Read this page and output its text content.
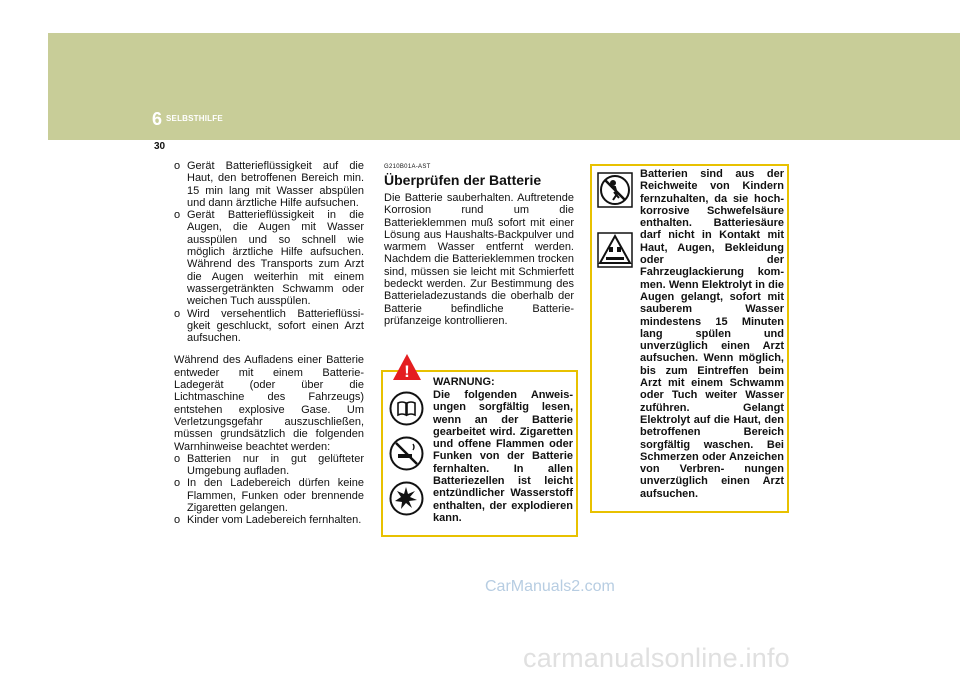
6 SELBSTHILFE
30
o Gerät Batterieflüssigkeit auf die Haut, den betroffenen Bereich min. 15 min lang mit Wasser abspülen und dann ärztliche Hilfe aufsuchen.
o Gerät Batterieflüssigkeit in die Augen, die Augen mit Wasser ausspülen und so schnell wie möglich ärztliche Hilfe aufsuchen. Während des Transports zum Arzt die Augen weiterhin mit einem wassergetränkten Schwamm oder weichen Tuch ausspülen.
o Wird versehentlich Batterieflüssi- gkeit geschluckt, sofort einen Arzt aufsuchen.

Während des Aufladens einer Batterie entweder mit einem Batterie-Ladegerät (oder über die Lichtmaschine des Fahrzeugs) entstehen explosive Gase. Um Verletzungsgefahr auszuschließen, müssen grundsätzlich die folgenden Warnhinweise beachtet werden:

o Batterien nur in gut gelüfteter Umgebung aufladen.
o In den Ladebereich dürfen keine Flammen, Funken oder brennende Zigaretten gelangen.
o Kinder vom Ladebereich fernhalten.
G210B01A-AST
Überprüfen der Batterie
Die Batterie sauberhalten. Auftretende Korrosion rund um die Batterieklemmen muß sofort mit einer Lösung aus Haushalts-Backpulver und warmem Wasser entfernt werden. Nachdem die Batterieklemmen trocken sind, müssen sie leicht mit Schmierfett bedeckt werden. Zur Bestimmung des Batterieladezustands die oberhalb der Batterie befindliche Batterie- prüfanzeige kontrollieren.
!
WARNUNG:
Die folgenden Anweis- ungen sorgfältig lesen, wenn an der Batterie gearbeitet wird. Zigaretten und offene Flammen oder Funken von der Batterie fernhalten. In allen Batteriezellen ist leicht entzündlicher Wasserstoff enthalten, der explodieren kann.
Batterien sind aus der Reichweite von Kindern fernzuhalten, da sie hoch- korrosive Schwefelsäure enthalten. Batteriesäure darf nicht in Kontakt mit Haut, Augen, Bekleidung oder der Fahrzeuglackierung kom- men. Wenn Elektrolyt in die Augen gelangt, sofort mit sauberem Wasser mindestens 15 Minuten lang spülen und unverzüglich einen Arzt aufsuchen. Wenn möglich, bis zum Eintreffen beim Arzt mit einem Schwamm oder Tuch weiter Wasser zuführen. Gelangt Elektrolyt auf die Haut, den betroffenen Bereich sorgfältig waschen. Bei Schmerzen oder Anzeichen von Verbren- nungen unverzüglich einen Arzt aufsuchen.
CarManuals2.com
carmanualsonline.info
